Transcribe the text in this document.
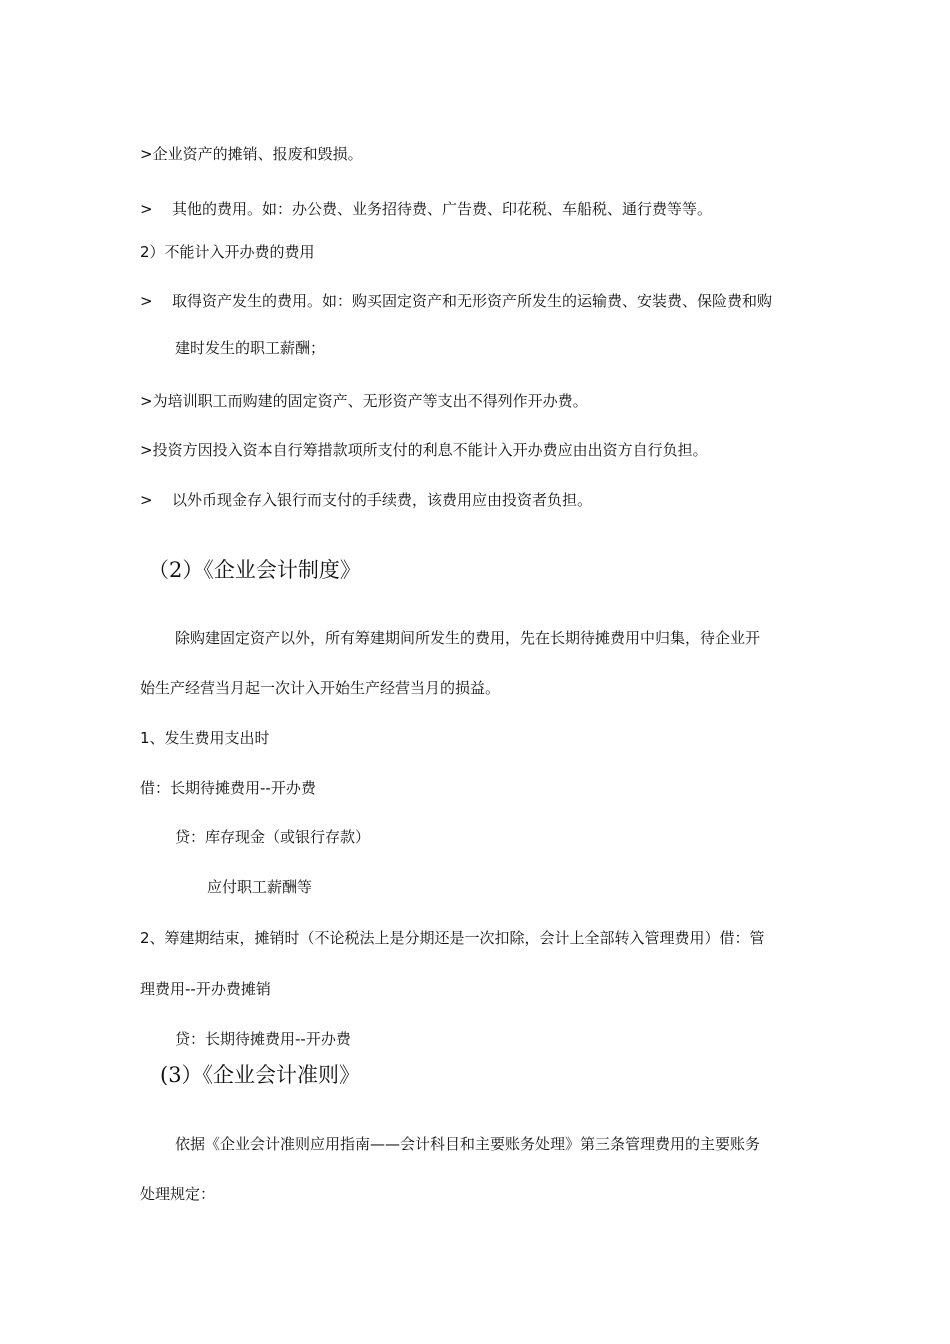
>企业资产的摊销、报废和毁损。
>	其他的费用。如：办公费、业务招待费、广告费、印花税、车船税、通行费等等。
2）不能计入开办费的费用
>	取得资产发生的费用。如：购买固定资产和无形资产所发生的运输费、安装费、保险费和购
建时发生的职工薪酬；
>为培训职工而购建的固定资产、无形资产等支出不得列作开办费。
>投资方因投入资本自行筹措款项所支付的利息不能计入开办费应由出资方自行负担。
>	以外币现金存入银行而支付的手续费，该费用应由投资者负担。
（2）《企业会计制度》
除购建固定资产以外，所有筹建期间所发生的费用，先在长期待摊费用中归集，待企业开
始生产经营当月起一次计入开始生产经营当月的损益。
1、发生费用支出时
借：长期待摊费用--开办费
贷：库存现金（或银行存款）
应付职工薪酬等
2、筹建期结束，摊销时（不论税法上是分期还是一次扣除，会计上全部转入管理费用）借：管
理费用--开办费摊销
贷：长期待摊费用--开办费
(3）《企业会计准则》
依据《企业会计准则应用指南——会计科目和主要账务处理》第三条管理费用的主要账务
处理规定：
